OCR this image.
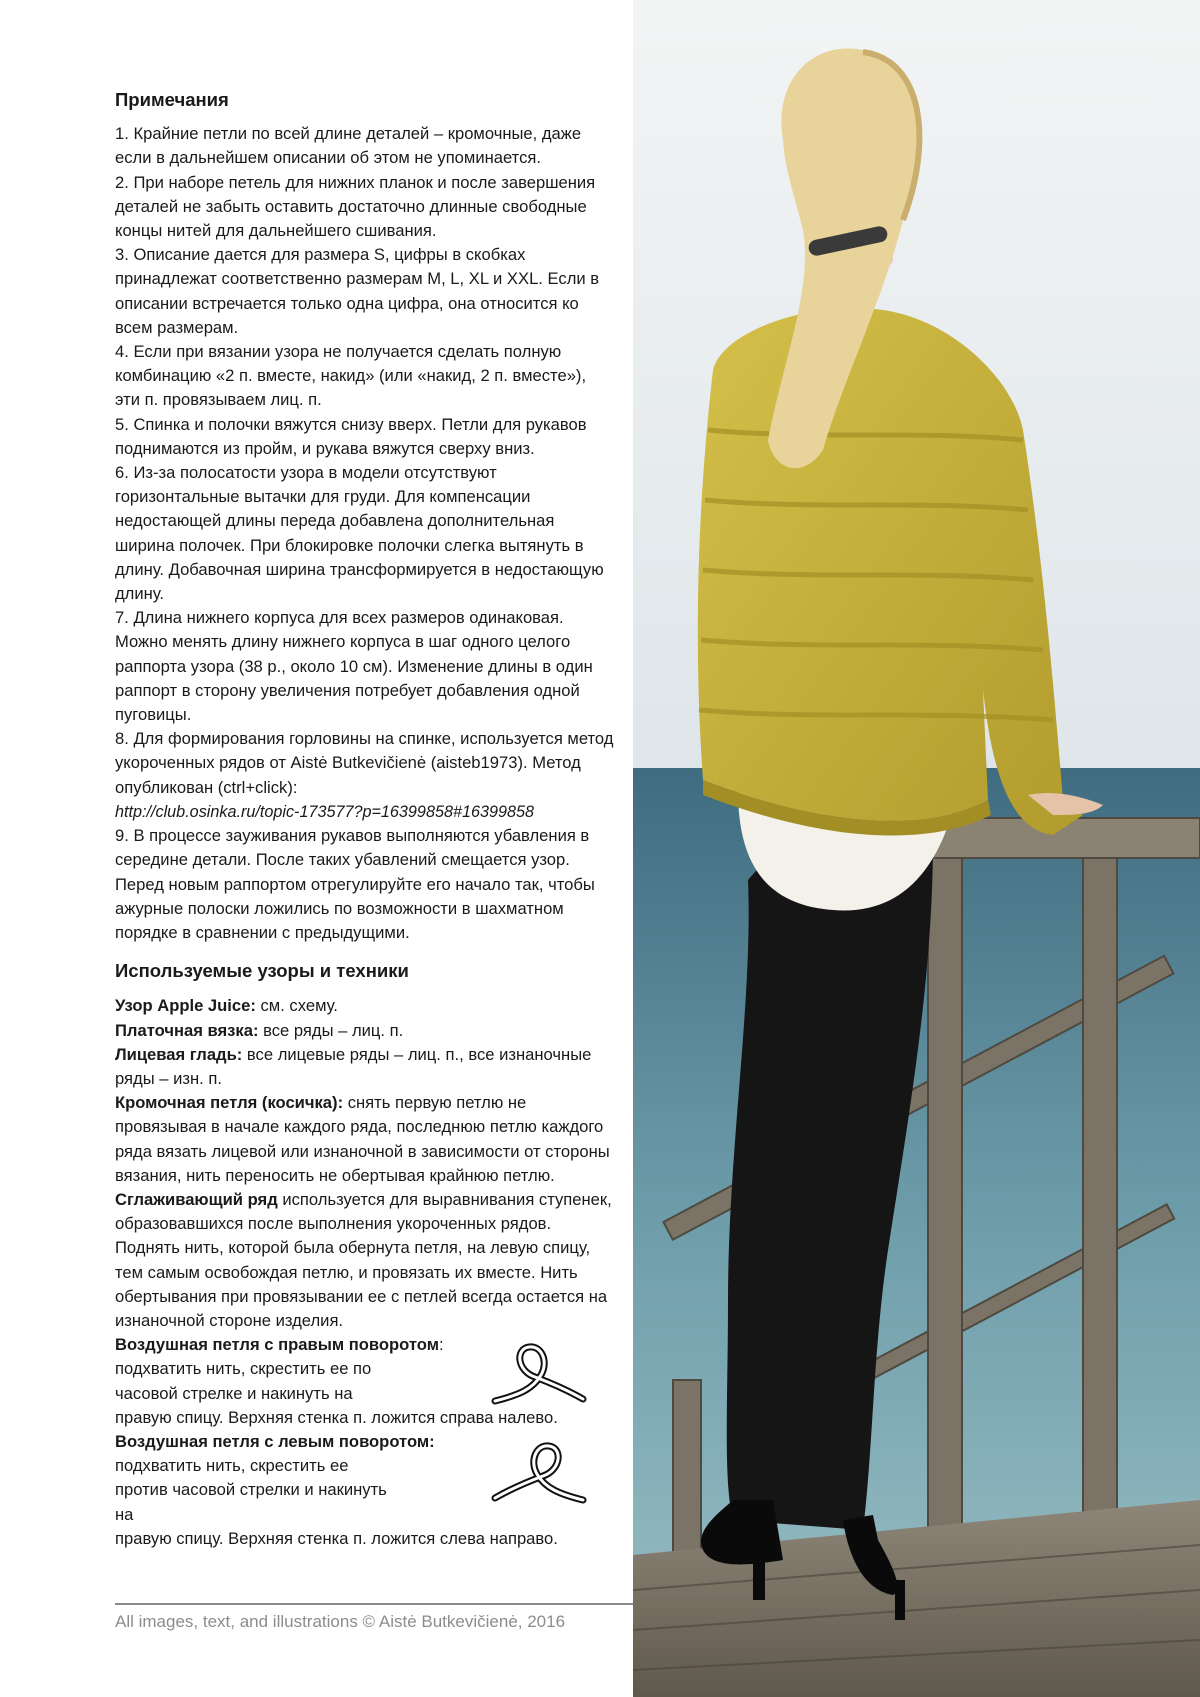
Примечания

1. Крайние петли по всей длине деталей – кромочные, даже если в дальнейшем описании об этом не упоминается.

2. При наборе петель для нижних планок и после завершения деталей не забыть оставить достаточно длинные свободные концы нитей для дальнейшего сшивания.

3. Описание дается для размера S, цифры в скобках принадлежат соответственно размерам M, L, XL и XXL. Если в описании встречается только одна цифра, она относится ко всем размерам.

4. Если при вязании узора не получается сделать полную комбинацию «2 п. вместе, накид» (или «накид, 2 п. вместе»), эти п. провязываем лиц. п.

5. Спинка и полочки вяжутся снизу вверх. Петли для рукавов поднимаются из пройм, и рукава вяжутся сверху вниз.

6. Из-за полосатости узора в модели отсутствуют горизонтальные вытачки для груди. Для компенсации недостающей длины переда добавлена дополнительная ширина полочек. При блокировке полочки слегка вытянуть в длину. Добавочная ширина трансформируется в недостающую длину.

7. Длина нижнего корпуса для всех размеров одинаковая. Можно менять длину нижнего корпуса в шаг одного целого раппорта узора (38 р., около 10 см). Изменение длины в один раппорт в сторону увеличения потребует добавления одной пуговицы.

8. Для формирования горловины на спинке, используется метод укороченных рядов от Aistė Butkevičienė (aisteb1973). Метод опубликован (ctrl+click):
http://club.osinka.ru/topic-173577?p=16399858#16399858

9. В процессе зауживания рукавов выполняются убавления в середине детали. После таких убавлений смещается узор. Перед новым раппортом отрегулируйте его начало так, чтобы ажурные полоски ложились по возможности в шахматном порядке в сравнении с предыдущими.

Используемые узоры и техники

Узор Apple Juice: см. схему.

Платочная вязка: все ряды – лиц. п.

Лицевая гладь: все лицевые ряды – лиц. п., все изнаночные ряды – изн. п.

Кромочная петля (косичка): снять первую петлю не провязывая в начале каждого ряда, последнюю петлю каждого ряда вязать лицевой или изнаночной в зависимости от стороны вязания, нить переносить не обертывая крайнюю петлю.

Сглаживающий ряд используется для выравнивания ступенек, образовавшихся после выполнения укороченных рядов. Поднять нить, которой была обернута петля, на левую спицу, тем самым освобождая петлю, и провязать их вместе. Нить обертывания при провязывании ее с петлей всегда остается на изнаночной стороне изделия.

Воздушная петля с правым поворотом:

подхватить нить, скрестить ее по часовой стрелке и накинуть на

правую спицу. Верхняя стенка п. ложится справа налево.

Воздушная петля с левым поворотом:

подхватить нить, скрестить ее против часовой стрелки и накинуть на

правую спицу. Верхняя стенка п. ложится слева направо.

All images, text, and illustrations © Aistė Butkevičienė, 2016
